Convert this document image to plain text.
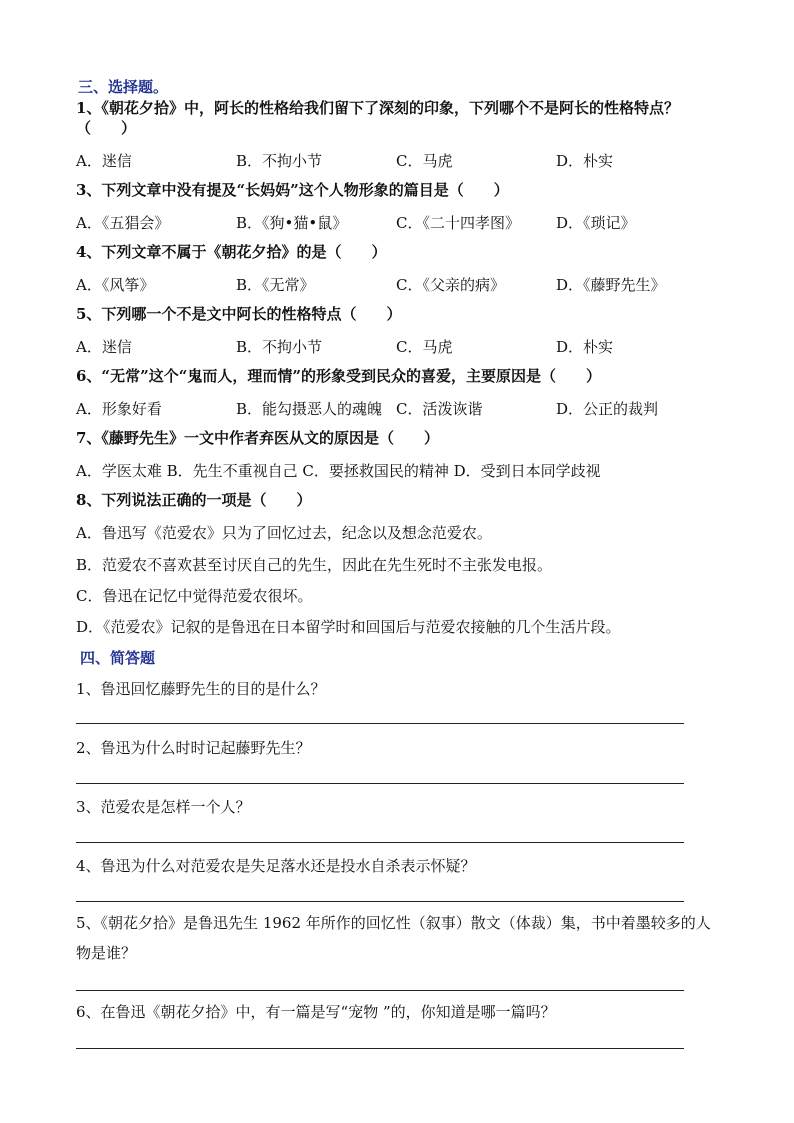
三、选择题。
1、《朝花夕拾》中，阿长的性格给我们留下了深刻的印象，下列哪个不是阿长的性格特点？（　　）
A．迷信	B．不拘小节	C．马虎	D．朴实
3、下列文章中没有提及“长妈妈”这个人物形象的篇目是（　　）
A．《五猖会》	B．《狗•猫•鼠》	C．《二十四孝图》 D．《琐记》
4、下列文章不属于《朝花夕拾》的是（　　）
A．《风筝》	B．《无常》	C．《父亲的病》	D．《藤野先生》
5、下列哪一个不是文中阿长的性格特点（　　）
A．迷信	B．不拘小节	C．马虎	D．朴实
6、“无常”这个“鬼而人，理而情”的形象受到民众的喜爱，主要原因是（　　）
A．形象好看	B．能勾摄恶人的魂魄 C．活泼诙谐	D．公正的裁判
7、《藤野先生》一文中作者弃医从文的原因是（　　）
A．学医太难 B．先生不重视自己 C．要拯救国民的精神 D．受到日本同学歧视
8、下列说法正确的一项是（　　）
A．鲁迅写《范爱农》只为了回忆过去，纪念以及想念范爱农。
B．范爱农不喜欢甚至讨厌自己的先生，因此在先生死时不主张发电报。
C．鲁迅在记忆中觉得范爱农很坏。
D．《范爱农》记叙的是鲁迅在日本留学时和回国后与范爱农接触的几个生活片段。
四、简答题
1、鲁迅回忆藤野先生的目的是什么？
2、鲁迅为什么时时记起藤野先生？
3、范爱农是怎样一个人？
4、鲁迅为什么对范爱农是失足落水还是投水自杀表示怀疑？
5、《朝花夕拾》是鲁迅先生 1962 年所作的回忆性（叙事）散文（体裁）集，书中着墨较多的人物是谁？
6、在鲁迅《朝花夕拾》中，有一篇是写“宠物 ”的，你知道是哪一篇吗？
